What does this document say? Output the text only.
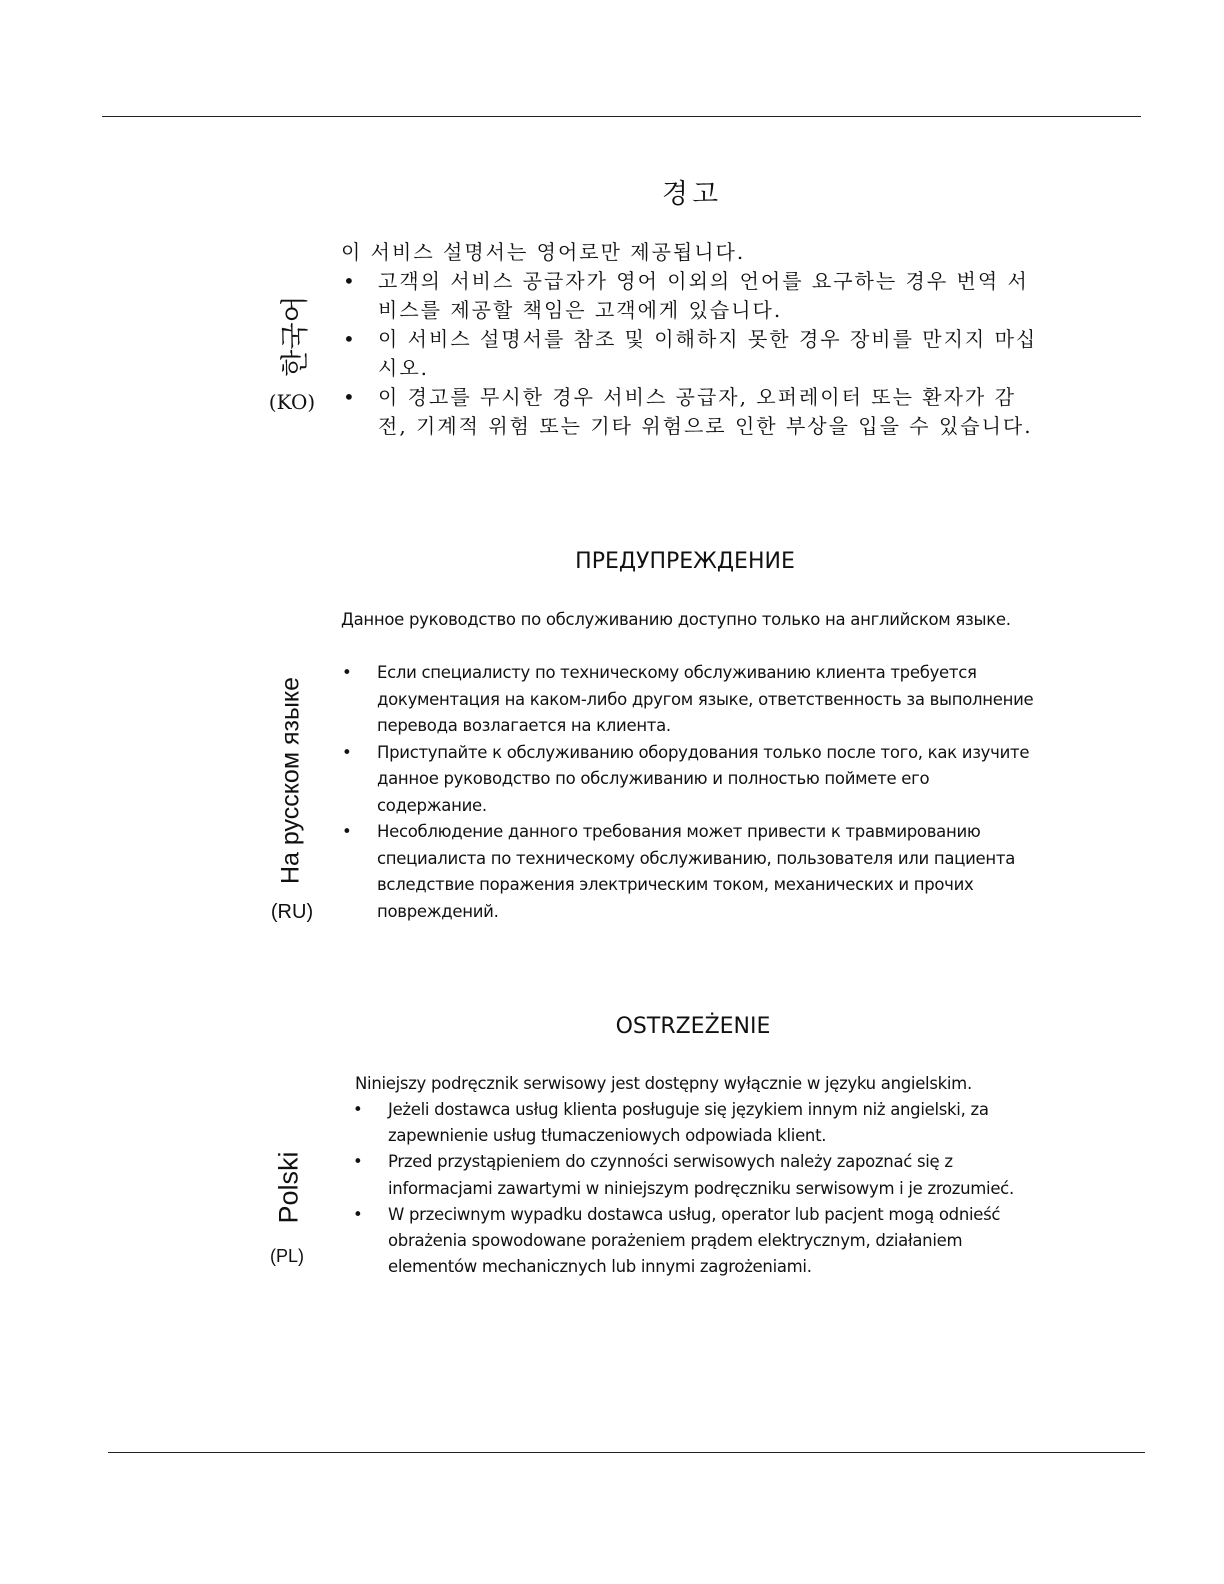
한국어
(KO)
경고

이 서비스 설명서는 영어로만 제공됩니다.

• 고객의 서비스 공급자가 영어 이외의 언어를 요구하는 경우 번역 서비스를 제공할 책임은 고객에게 있습니다.
• 이 서비스 설명서를 참조 및 이해하지 못한 경우 장비를 만지지 마십시오.
• 이 경고를 무시한 경우 서비스 공급자, 오퍼레이터 또는 환자가 감전, 기계적 위험 또는 기타 위험으로 인한 부상을 입을 수 있습니다.
На русском языке
(RU)
ПРЕДУПРЕЖДЕНИЕ

Данное руководство по обслуживанию доступно только на английском языке.

• Если специалисту по техническому обслуживанию клиента требуется документация на каком-либо другом языке, ответственность за выполнение перевода возлагается на клиента.
• Приступайте к обслуживанию оборудования только после того, как изучите данное руководство по обслуживанию и полностью поймете его содержание.
• Несоблюдение данного требования может привести к травмированию специалиста по техническому обслуживанию, пользователя или пациента вследствие поражения электрическим током, механических и прочих повреждений.
Polski
(PL)
OSTRZEŻENIE

Niniejszy podręcznik serwisowy jest dostępny wyłącznie w języku angielskim.

• Jeżeli dostawca usług klienta posługuje się językiem innym niż angielski, za zapewnienie usług tłumaczeniowych odpowiada klient.
• Przed przystąpieniem do czynności serwisowych należy zapoznać się z informacjami zawartymi w niniejszym podręczniku serwisowym i je zrozumieć.
• W przeciwnym wypadku dostawca usług, operator lub pacjent mogą odnieść obrażenia spowodowane porażeniem prądem elektrycznym, działaniem elementów mechanicznych lub innymi zagrożeniami.
